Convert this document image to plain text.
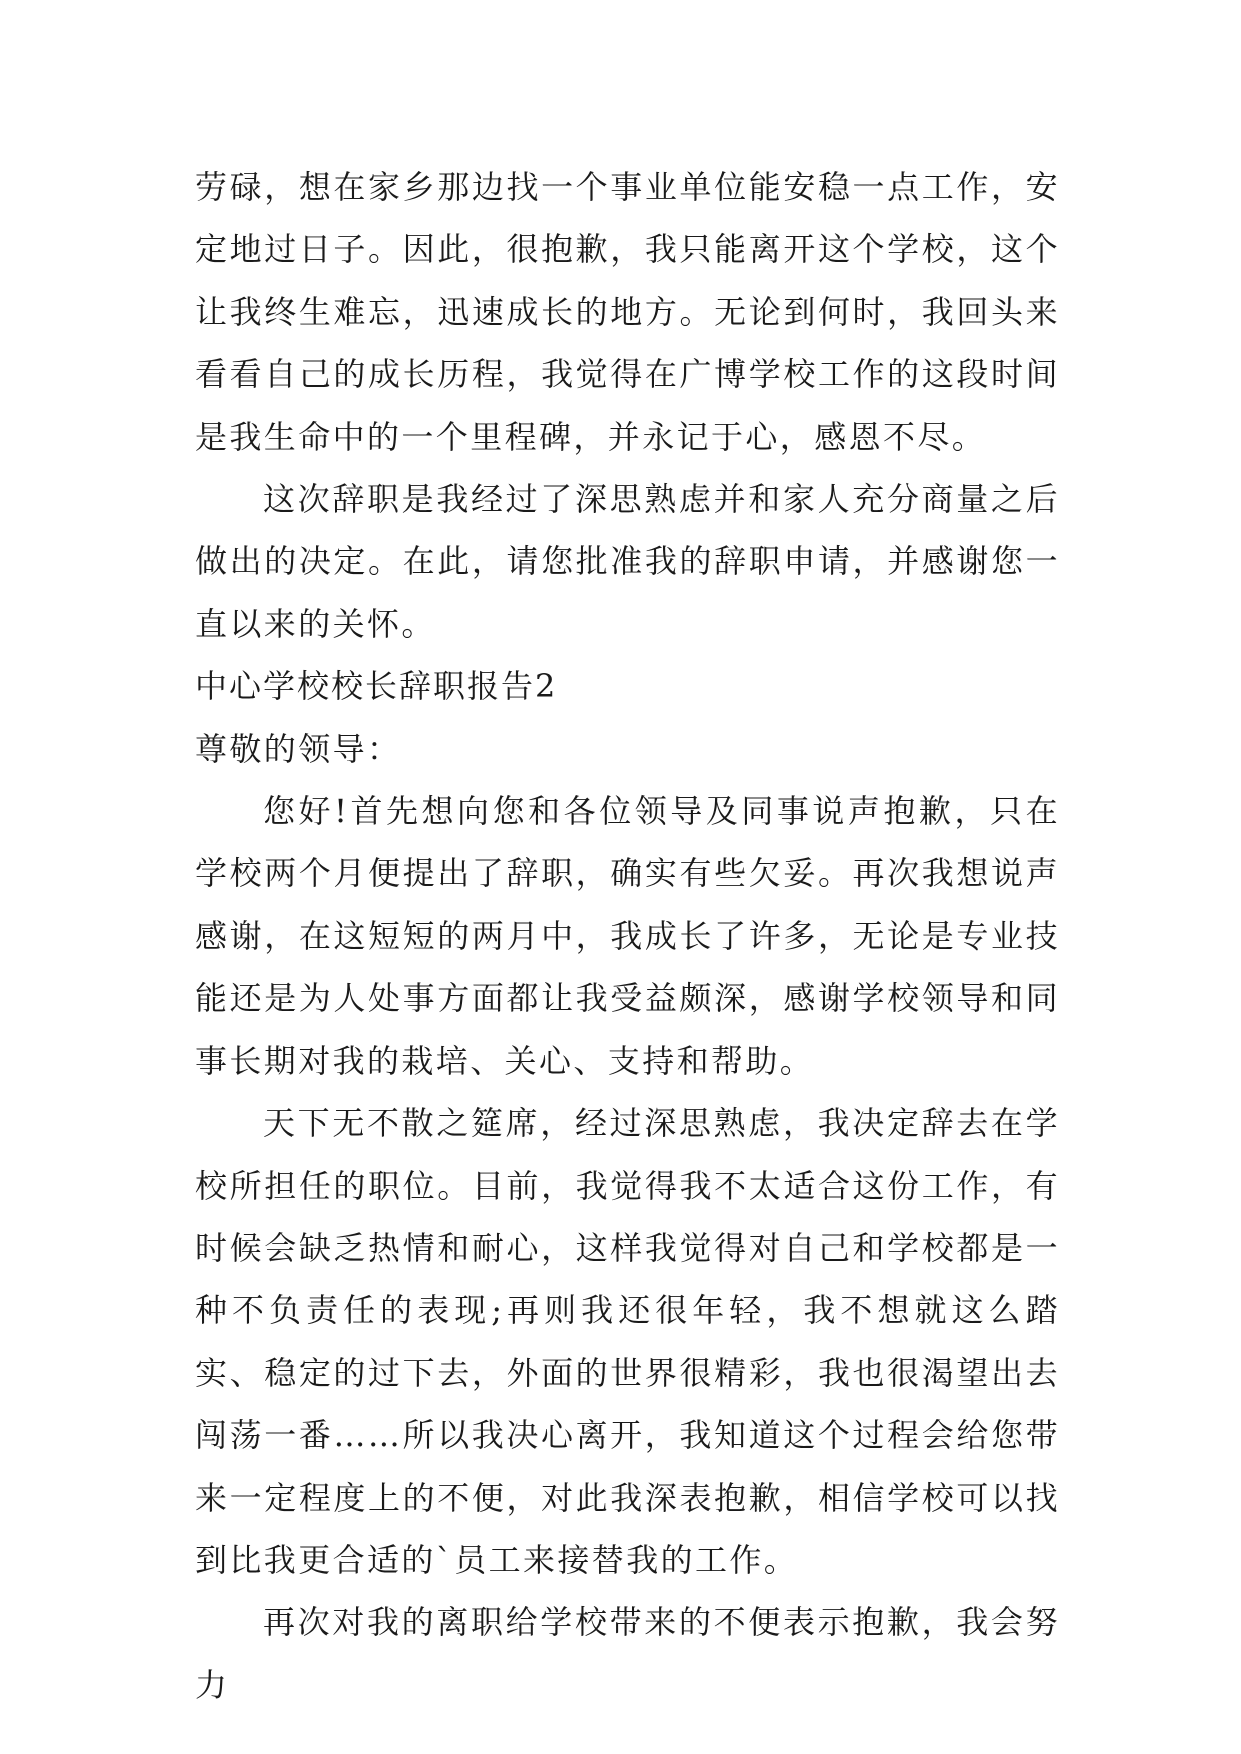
劳碌，想在家乡那边找一个事业单位能安稳一点工作，安定地过日子。因此，很抱歉，我只能离开这个学校，这个让我终生难忘，迅速成长的地方。无论到何时，我回头来看看自己的成长历程，我觉得在广博学校工作的这段时间是我生命中的一个里程碑，并永记于心，感恩不尽。

这次辞职是我经过了深思熟虑并和家人充分商量之后做出的决定。在此，请您批准我的辞职申请，并感谢您一直以来的关怀。

中心学校校长辞职报告2

尊敬的领导：

您好!首先想向您和各位领导及同事说声抱歉，只在学校两个月便提出了辞职，确实有些欠妥。再次我想说声感谢，在这短短的两月中，我成长了许多，无论是专业技能还是为人处事方面都让我受益颇深，感谢学校领导和同事长期对我的栽培、关心、支持和帮助。

天下无不散之筵席，经过深思熟虑，我决定辞去在学校所担任的职位。目前，我觉得我不太适合这份工作，有时候会缺乏热情和耐心，这样我觉得对自己和学校都是一种不负责任的表现;再则我还很年轻，我不想就这么踏实、稳定的过下去，外面的世界很精彩，我也很渴望出去闯荡一番……所以我决心离开，我知道这个过程会给您带来一定程度上的不便，对此我深表抱歉，相信学校可以找到比我更合适的`员工来接替我的工作。

再次对我的离职给学校带来的不便表示抱歉，我会努力
